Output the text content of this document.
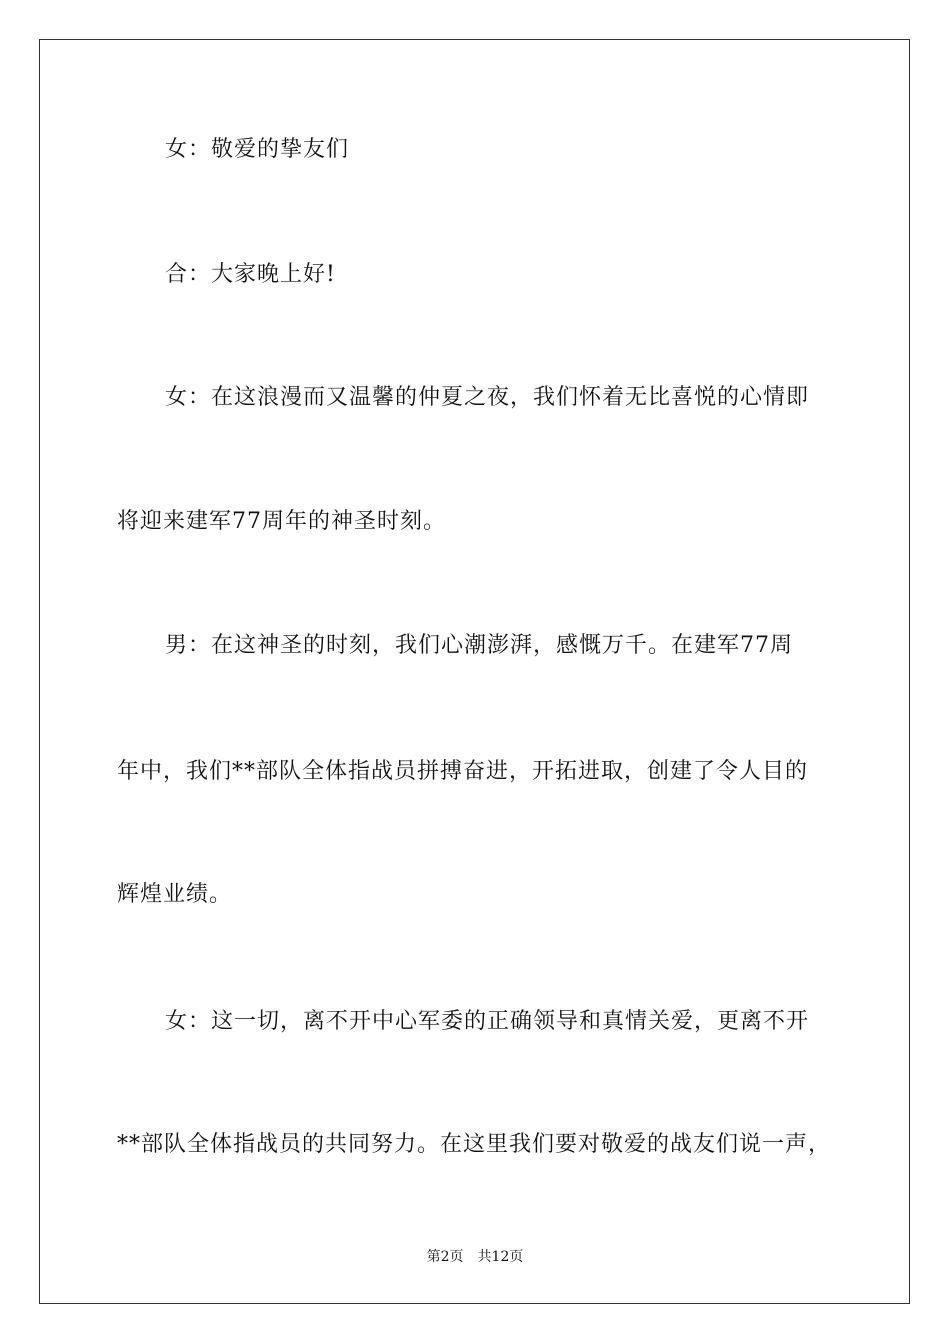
女：敬爱的挚友们
合：大家晚上好!
女：在这浪漫而又温馨的仲夏之夜，我们怀着无比喜悦的心情即
将迎来建军77周年的神圣时刻。
男：在这神圣的时刻，我们心潮澎湃，感慨万千。在建军77周
年中，我们**部队全体指战员拼搏奋进，开拓进取，创建了令人目的
辉煌业绩。
女：这一切，离不开中心军委的正确领导和真情关爱，更离不开
**部队全体指战员的共同努力。在这里我们要对敬爱的战友们说一声，
第2页 共12页
